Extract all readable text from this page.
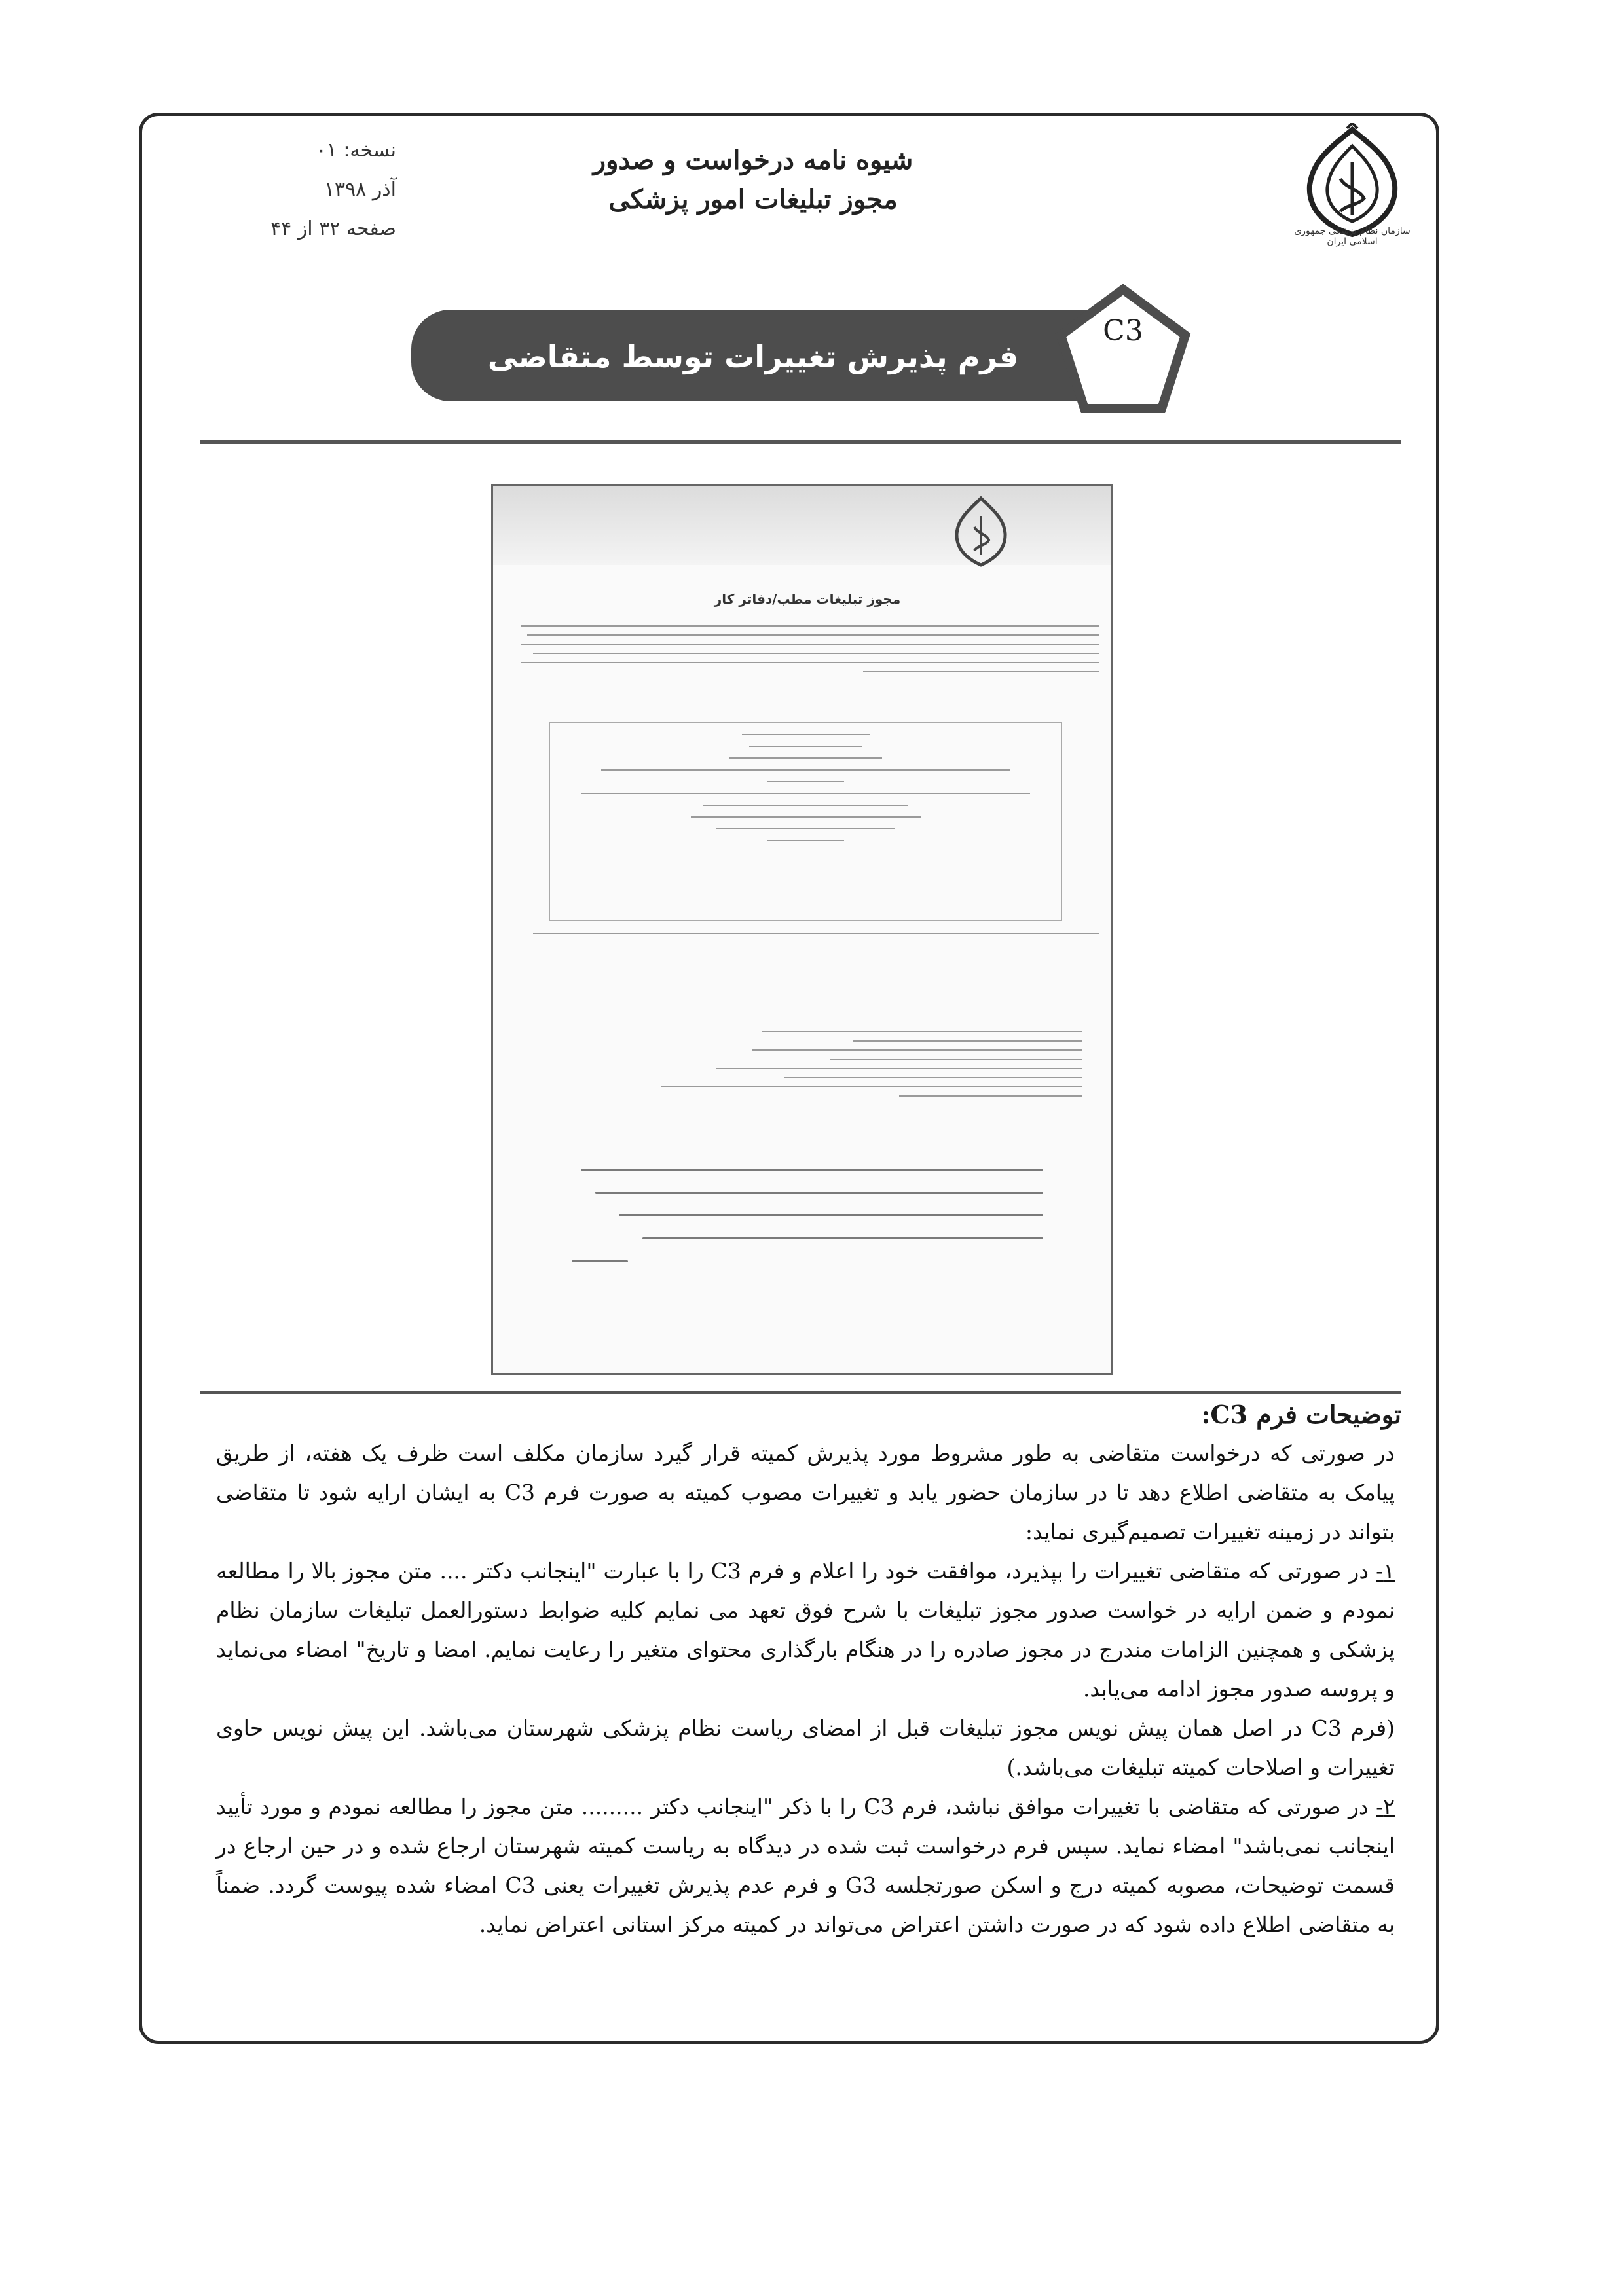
سازمان نظام پزشکی جمهوری اسلامی ایران
شیوه نامه درخواست و صدور
مجوز تبلیغات امور پزشکی
نسخه: ۰۱
آذر ۱۳۹۸
صفحه ۳۲ از ۴۴
فرم پذیرش تغییرات توسط متقاضی
C3
مجوز تبلیغات مطب/دفاتر کار
توضیحات فرم C3:

در صورتی که درخواست متقاضی به طور مشروط مورد پذیرش کمیته قرار گیرد سازمان مکلف است ظرف یک هفته، از طریق پیامک به متقاضی اطلاع دهد تا در سازمان حضور یابد و تغییرات مصوب کمیته به صورت فرم C3 به ایشان ارایه شود تا متقاضی بتواند در زمینه تغییرات تصمیم‌گیری نماید:

۱- در صورتی که متقاضی تغییرات را بپذیرد، موافقت خود را اعلام و فرم C3 را با عبارت "اینجانب دکتر .... متن مجوز بالا را مطالعه نمودم و ضمن ارایه در خواست صدور مجوز تبلیغات با شرح فوق تعهد می نمایم کلیه ضوابط دستورالعمل تبلیغات سازمان نظام پزشکی و همچنین الزامات مندرج در مجوز صادره را در هنگام بارگذاری محتوای متغیر را رعایت نمایم. امضا و تاریخ" امضاء می‌نماید و پروسه صدور مجوز ادامه می‌یابد.

(فرم C3 در اصل همان پیش نویس مجوز تبلیغات قبل از امضای ریاست نظام پزشکی شهرستان می‌باشد. این پیش نویس حاوی تغییرات و اصلاحات کمیته تبلیغات می‌باشد.)

۲- در صورتی که متقاضی با تغییرات موافق نباشد، فرم C3 را با ذکر "اینجانب دکتر ......... متن مجوز را مطالعه نمودم و مورد تأیید اینجانب نمی‌باشد" امضاء نماید. سپس فرم درخواست ثبت شده در دیدگاه به ریاست کمیته شهرستان ارجاع شده و در حین ارجاع در قسمت توضیحات، مصوبه کمیته درج و اسکن صورتجلسه G3 و فرم عدم پذیرش تغییرات یعنی C3 امضاء شده پیوست گردد. ضمناً به متقاضی اطلاع داده شود که در صورت داشتن اعتراض می‌تواند در کمیته مرکز استانی اعتراض نماید.
